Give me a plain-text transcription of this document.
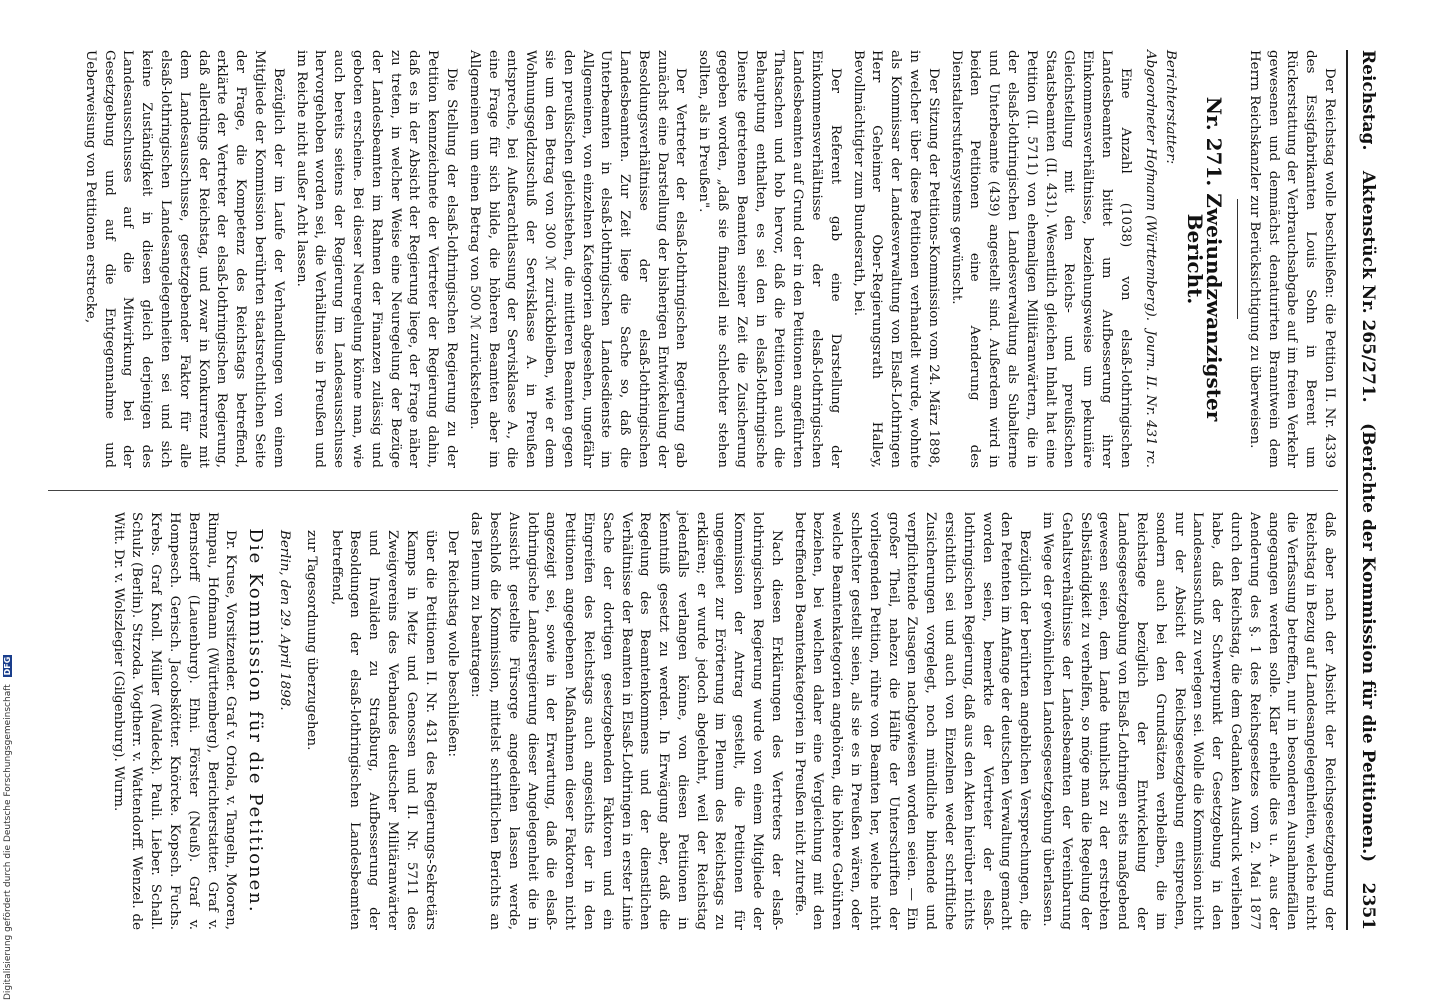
Reichstag.
Aktenstück Nr. 265/271.
(Berichte der Kommission für die Petitionen.)
2351

Der Reichstag wolle beschließen: die Petition II. Nr. 4339 des Essigfabrikanten Louis Sohn in Berent um Rückerstattung der Verbrauchsabgabe auf im freien Verkehr gewesenen und demnächst denaturirten Branntwein dem Herrn Reichskanzler zur Berücksichtigung zu überweisen.

Nr. 271. Zweiundzwanzigster Bericht.
Berichterstatter:
Abgeordneter Hofmann (Württemberg).
Journ. II. Nr. 431 rc.

Eine Anzahl (1038) von elsaß-lothringischen Landesbeamten bittet um Aufbesserung ihrer Einkommensverhältnisse, beziehungsweise um pekuniäre Gleichstellung mit den Reichs- und preußischen Staatsbeamten (II. 431). Wesentlich gleichen Inhalt hat eine Petition (II. 5711) von ehemaligen Militäranwärtern, die in der elsaß-lothringischen Landesverwaltung als Subalterne und Unterbeamte (439) angestellt sind. Außerdem wird in beiden Petitionen eine Aenderung des Dienstalterstufensystems gewünscht.

Der Sitzung der Petitions-Kommission vom 24. März 1898, in welcher über diese Petitionen verhandelt wurde, wohnte als Kommissar der Landesverwaltung von Elsaß-Lothringen Herr Geheimer Ober-Regierungsrath Halley, Bevollmächtigter zum Bundesrath, bei.

Der Referent gab eine Darstellung der Einkommensverhältnisse der elsaß-lothringischen Landesbeamten auf Grund der in den Petitionen angeführten Thatsachen und hob hervor, daß die Petitionen auch die Behauptung enthalten, es sei den in elsaß-lothringische Dienste getretenen Beamten seiner Zeit die Zusicherung gegeben worden, „daß sie finanziell nie schlechter stehen sollten, als in Preußen".

Der Vertreter der elsaß-lothringischen Regierung gab zunächst eine Darstellung der bisherigen Entwickelung der Besoldungsverhältnisse der elsaß-lothringischen Landesbeamten. Zur Zeit liege die Sache so, daß die Unterbeamten in elsaß-lothringischen Landesdienste im Allgemeinen, von einzelnen Kategorien abgesehen, ungefähr den preußischen gleichstehen, die mittleren Beamten gegen sie um den Betrag von 300 ℳ zurückbleiben, wie er dem Wohnungsgeldzuschuß der Servisklasse A. in Preußen entspreche, bei Außerachtlassung der Servisklasse A., die eine Frage für sich bilde, die höheren Beamten aber im Allgemeinen um einen Betrag von 500 ℳ zurückstehen.

Die Stellung der elsaß-lothringischen Regierung zu der Petition kennzeichnete der Vertreter der Regierung dahin, daß es in der Absicht der Regierung liege, der Frage näher zu treten, in welcher Weise eine Neuregelung der Bezüge der Landesbeamten im Rahmen der Finanzen zulässig und geboten erscheine. Bei dieser Neuregelung könne man, wie auch bereits seitens der Regierung im Landesausschusse hervorgehoben worden sei, die Verhältnisse in Preußen und im Reiche nicht außer Acht lassen.

Bezüglich der im Laufe der Verhandlungen von einem Mitgliede der Kommission berührten staatsrechtlichen Seite der Frage, die Kompetenz des Reichstags betreffend, erklärte der Vertreter der elsaß-lothringischen Regierung, daß allerdings der Reichstag, und zwar in Konkurrenz mit dem Landesausschusse, gesetzgebender Faktor für alle elsaß-lothringischen Landesangelegenheiten sei und sich keine Zuständigkeit in diesen gleich derjenigen des Landesausschusses auf die Mitwirkung bei der Gesetzgebung und auf die Entgegennahme und Ueberweisung von Petitionen erstrecke,

daß aber nach der Absicht der Reichsgesetzgebung der Reichstag in Bezug auf Landesangelegenheiten, welche nicht die Verfassung betreffen, nur in besonderen Ausnahmefällen angegangen werden solle. Klar erhelle dies u. A. aus der Aenderung des §. 1 des Reichsgesetzes vom 2. Mai 1877 durch den Reichstag, die dem Gedanken Ausdruck verliehen habe, daß der Schwerpunkt der Gesetzgebung in den Landesausschuß zu verlegen sei. Wolle die Kommission nicht nur der Absicht der Reichsgesetzgebung entsprechen, sondern auch bei den Grundsätzen verbleiben, die im Reichstage bezüglich der Entwickelung der Landesgesetzgebung von Elsaß-Lothringen stets maßgebend gewesen seien, dem Lande thunlichst zu der erstrebten Selbständigkeit zu verhelfen, so möge man die Regelung der Gehaltsverhältnisse der Landesbeamten der Vereinbarung im Wege der gewöhnlichen Landesgesetzgebung überlassen.

Bezüglich der berührten angeblichen Versprechungen, die den Petenten im Anfange der deutschen Verwaltung gemacht worden seien, bemerkte der Vertreter der elsaß-lothringischen Regierung, daß aus den Akten hierüber nichts ersichtlich sei und auch von Einzelnen weder schriftliche Zusicherungen vorgelegt, noch mündliche bindende und verpflichtende Zusagen nachgewiesen worden seien. — Ein großer Theil, nahezu die Hälfte der Unterschriften der vorliegenden Petition, rühre von Beamten her, welche nicht schlechter gestellt seien, als sie es in Preußen wären, oder welche Beamtenkategorien angehören, die höhere Gebühren beziehen, bei welchen daher eine Vergleichung mit den betreffenden Beamtenkategorien in Preußen nicht zutreffe.

Nach diesen Erklärungen des Vertreters der elsaß-lothringischen Regierung wurde von einem Mitgliede der Kommission der Antrag gestellt, die Petitionen für ungeeignet zur Erörterung im Plenum des Reichstags zu erklären; er wurde jedoch abgelehnt, weil der Reichstag jedenfalls verlangen könne, von diesen Petitionen in Kenntniß gesetzt zu werden. In Erwägung aber, daß die Regelung des Beamtenkommens und der dienstlichen Verhältnisse der Beamten in Elsaß-Lothringen in erster Linie Sache der dortigen gesetzgebenden Faktoren und ein Eingreifen des Reichstags auch angesichts der in den Petitionen angegebenen Maßnahmen dieser Faktoren nicht angezeigt sei, sowie in der Erwartung, daß die elsaß-lothringische Landesregierung dieser Angelegenheit die in Aussicht gestellte Fürsorge angedeihen lassen werde, beschloß die Kommission, mittelst schriftlichen Berichts an das Plenum zu beantragen:

Der Reichstag wolle beschließen:

über die Petitionen II. Nr. 431 des Regierungs-Sekretärs Kamps in Metz und Genossen und II. Nr. 5711 des Zweigvereins des Verbandes deutscher Militäranwärter und Invaliden zu Straßburg, Aufbesserung der Besoldungen der elsaß-lothringischen Landesbeamten betreffend,
zur Tagesordnung überzugehen.
Berlin, den 29. April 1898.
Die Kommission für die Petitionen.

Dr. Kruse, Vorsitzender. Graf v. Oriola, v. Tangeln, Mooren, Rimpau, Hofmann (Württemberg), Berichterstatter. Graf v. Bernstorff (Lauenburg). Ehni. Förster (Neuß). Graf v. Hompesch. Gerisch. Jacobskötter. Knörcke. Kopsch. Fuchs. Krebs. Graf Knoll. Müller (Waldeck). Pauli. Lieber. Schall. Schulz (Berlin). Strzoda. Vogtherr. v. Wattendorff. Wenzel. de Witt. Dr. v. Wolszlegier (Gilgenburg). Wurm.

Digitalisierung gefördert durch die Deutsche Forschungsgemeinschaft DFG
